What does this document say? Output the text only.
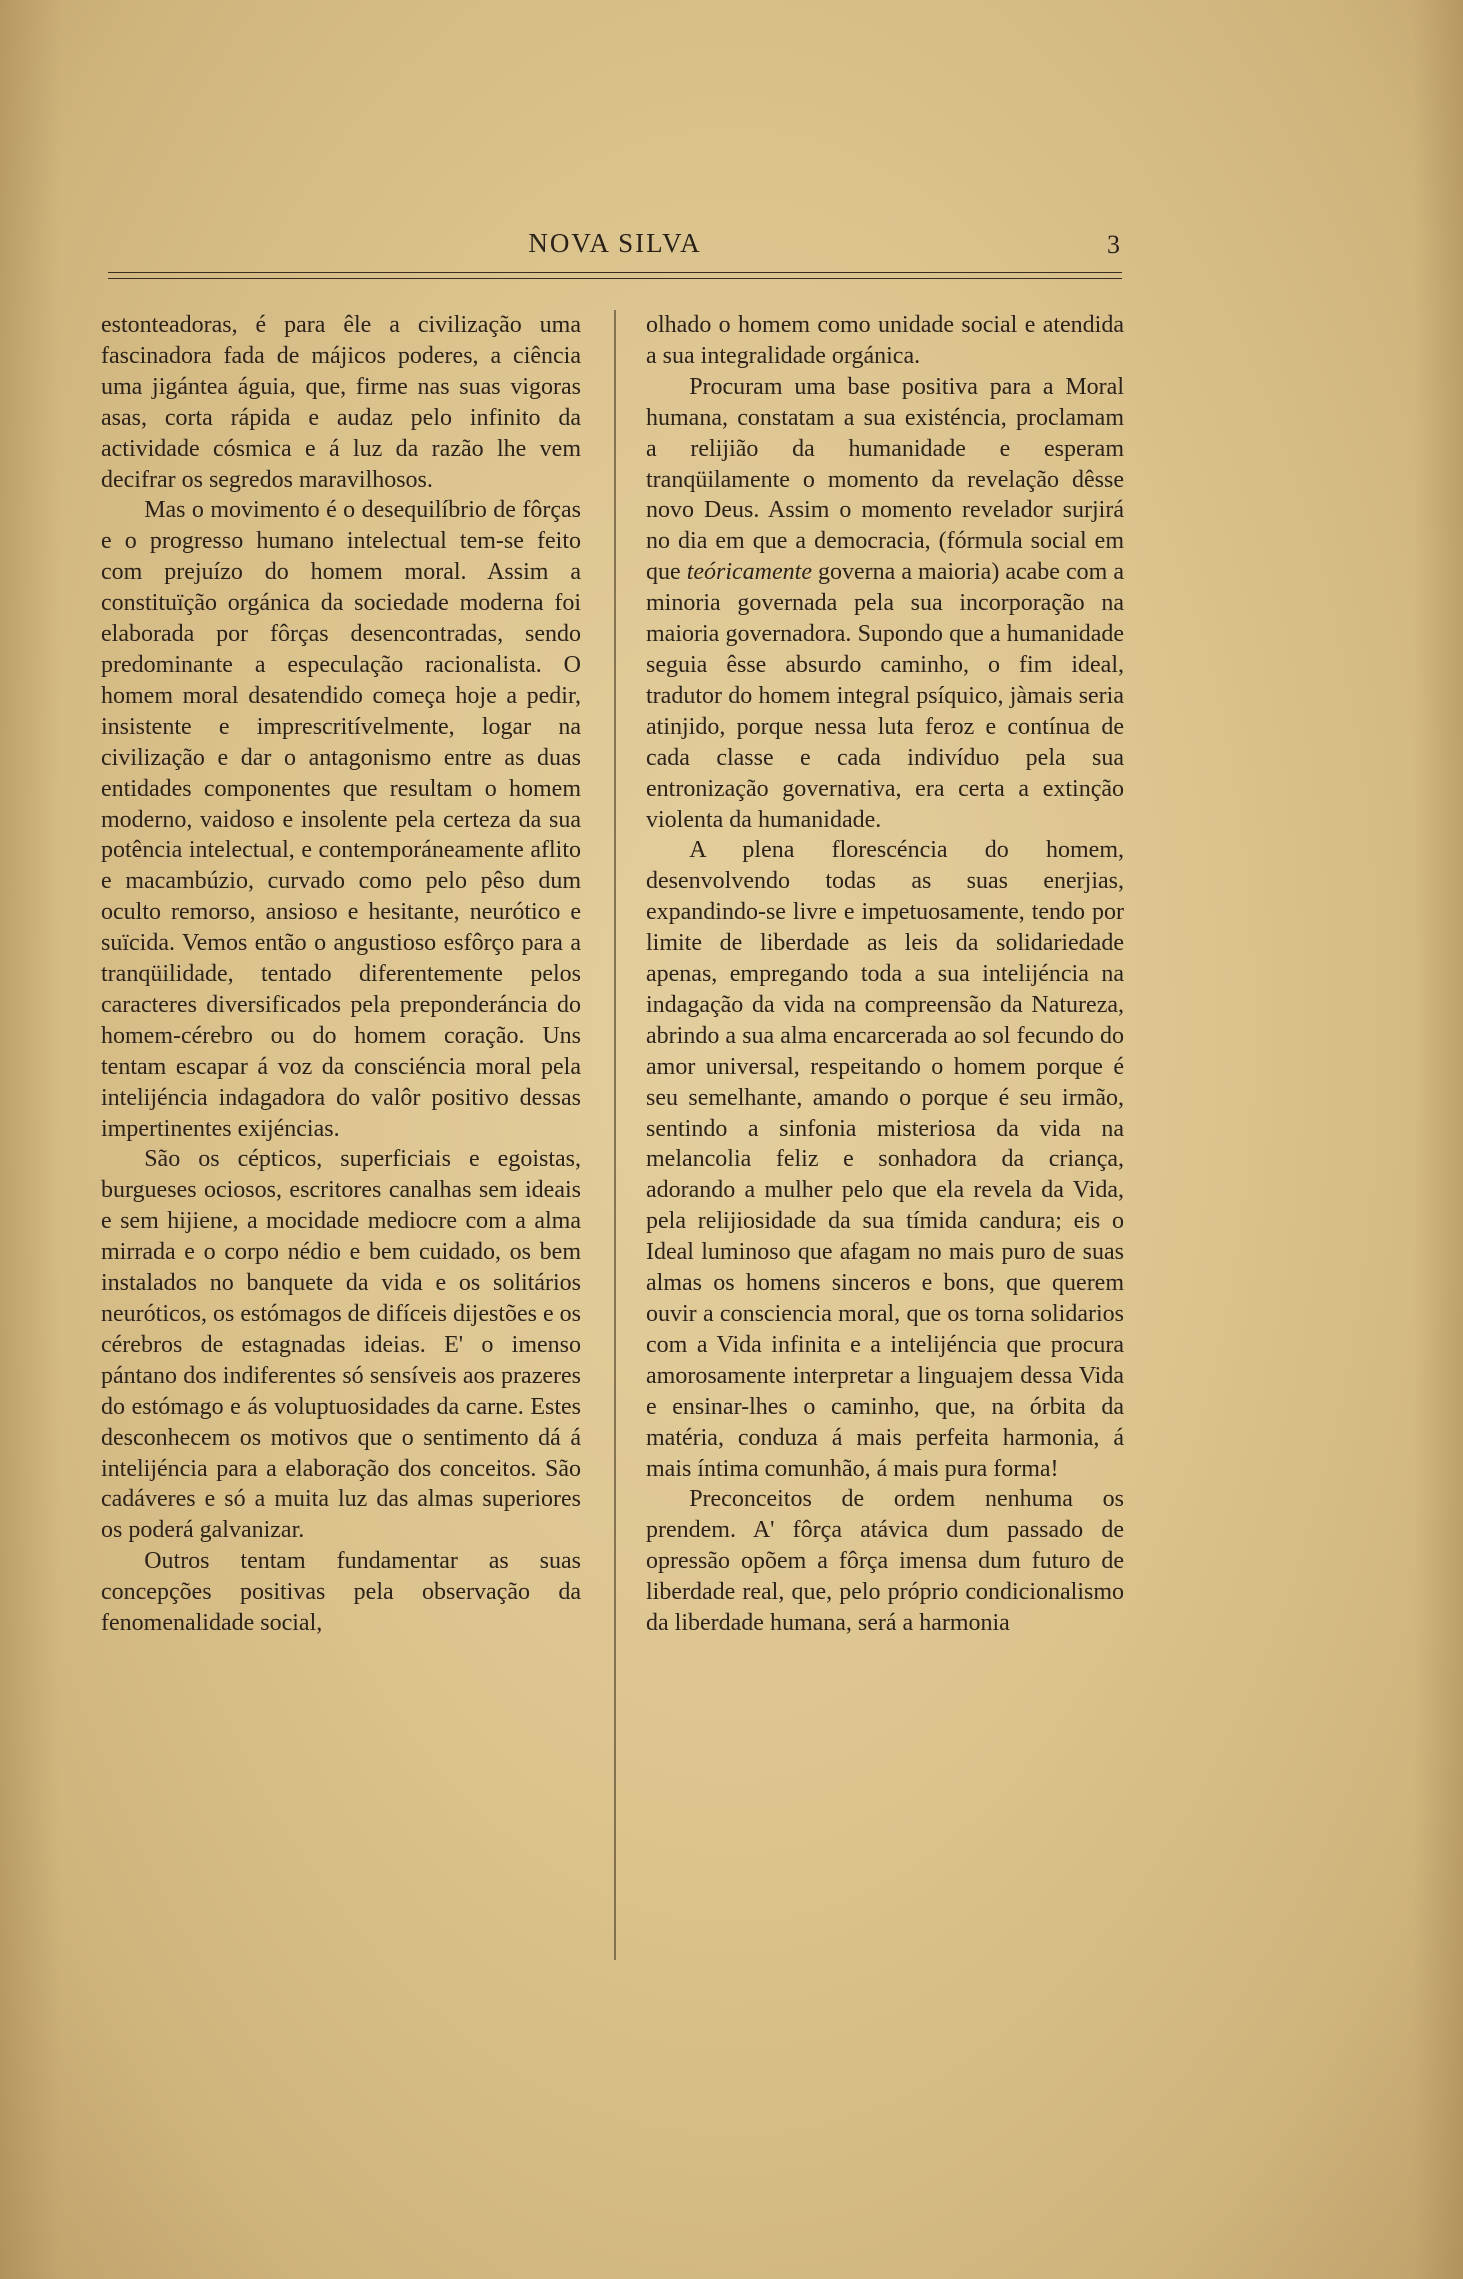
NOVA SILVA	3

estonteadoras, é para êle a civilização uma fascinadora fada de májicos poderes, a ciência uma jigántea águia, que, firme nas suas vigoras asas, corta rápida e audaz pelo infinito da actividade cósmica e á luz da razão lhe vem decifrar os segredos maravilhosos.

Mas o movimento é o desequilíbrio de fôrças e o progresso humano intelectual tem-se feito com prejuízo do homem moral. Assim a constituïção orgánica da sociedade moderna foi elaborada por fôrças desencontradas, sendo predominante a especulação racionalista. O homem moral desatendido começa hoje a pedir, insistente e imprescritívelmente, logar na civilização e dar o antagonismo entre as duas entidades componentes que resultam o homem moderno, vaidoso e insolente pela certeza da sua potência intelectual, e contemporáneamente aflito e macambúzio, curvado como pelo pêso dum oculto remorso, ansioso e hesitante, neurótico e suïcida. Vemos então o angustioso esfôrço para a tranqüilidade, tentado diferentemente pelos caracteres diversificados pela preponderáncia do homem-cérebro ou do homem coração. Uns tentam escapar á voz da consciéncia moral pela intelijéncia indagadora do valôr positivo dessas impertinentes exijéncias.

São os cépticos, superficiais e egoistas, burgueses ociosos, escritores canalhas sem ideais e sem hijiene, a mocidade mediocre com a alma mirrada e o corpo nédio e bem cuidado, os bem instalados no banquete da vida e os solitários neuróticos, os estómagos de difíceis dijestões e os cérebros de estagnadas ideias. E' o imenso pántano dos indiferentes só sensíveis aos prazeres do estómago e ás voluptuosidades da carne. Estes desconhecem os motivos que o sentimento dá á intelijéncia para a elaboração dos conceitos. São cadáveres e só a muita luz das almas superiores os poderá galvanizar.

Outros tentam fundamentar as suas concepções positivas pela observação da fenomenalidade social,

olhado o homem como unidade social e atendida a sua integralidade orgánica.

Procuram uma base positiva para a Moral humana, constatam a sua existéncia, proclamam a relijião da humanidade e esperam tranqüilamente o momento da revelação dêsse novo Deus. Assim o momento revelador surjirá no dia em que a democracia, (fórmula social em que teóricamente governa a maioria) acabe com a minoria governada pela sua incorporação na maioria governadora. Supondo que a humanidade seguia êsse absurdo caminho, o fim ideal, tradutor do homem integral psíquico, jàmais seria atinjido, porque nessa luta feroz e contínua de cada classe e cada indivíduo pela sua entronização governativa, era certa a extinção violenta da humanidade.

A plena florescéncia do homem, desenvolvendo todas as suas enerjias, expandindo-se livre e impetuosamente, tendo por limite de liberdade as leis da solidariedade apenas, empregando toda a sua intelijéncia na indagação da vida na compreensão da Natureza, abrindo a sua alma encarcerada ao sol fecundo do amor universal, respeitando o homem porque é seu semelhante, amando o porque é seu irmão, sentindo a sinfonia misteriosa da vida na melancolia feliz e sonhadora da criança, adorando a mulher pelo que ela revela da Vida, pela relijiosidade da sua tímida candura; eis o Ideal luminoso que afagam no mais puro de suas almas os homens sinceros e bons, que querem ouvir a consciencia moral, que os torna solidarios com a Vida infinita e a intelijéncia que procura amorosamente interpretar a linguajem dessa Vida e ensinar-lhes o caminho, que, na órbita da matéria, conduza á mais perfeita harmonia, á mais íntima comunhão, á mais pura forma!

Preconceitos de ordem nenhuma os prendem. A' fôrça atávica dum passado de opressão opõem a fôrça imensa dum futuro de liberdade real, que, pelo próprio condicionalismo da liberdade humana, será a harmonia
